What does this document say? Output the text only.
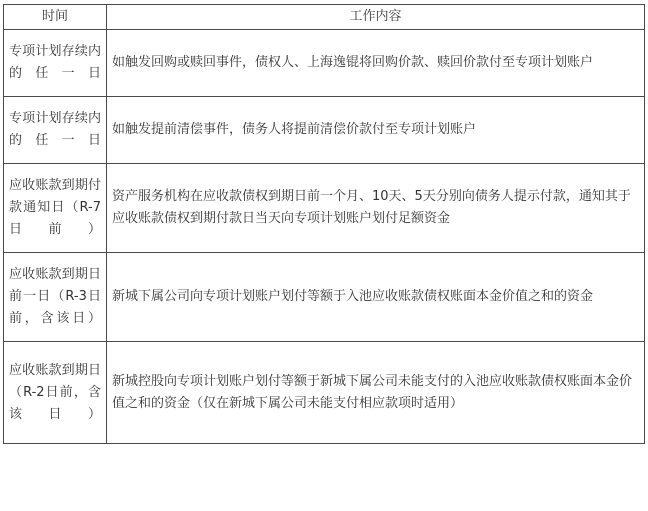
时间	工作内容
专项计划存续内的任一日	如触发回购或赎回事件，债权人、上海逸锟将回购价款、赎回价款付至专项计划账户
专项计划存续内的任一日	如触发提前清偿事件，债务人将提前清偿价款付至专项计划账户
应收账款到期付款通知日（R-7日前）	资产服务机构在应收款债权到期日前一个月、10天、5天分别向债务人提示付款，通知其于应收账款债权到期付款日当天向专项计划账户划付足额资金
应收账款到期日前一日（R-3日前，含该日）	新城下属公司向专项计划账户划付等额于入池应收账款债权账面本金价值之和的资金
应收账款到期日（R-2日前，含该日）	新城控股向专项计划账户划付等额于新城下属公司未能支付的入池应收账款债权账面本金价值之和的资金（仅在新城下属公司未能支付相应款项时适用）
